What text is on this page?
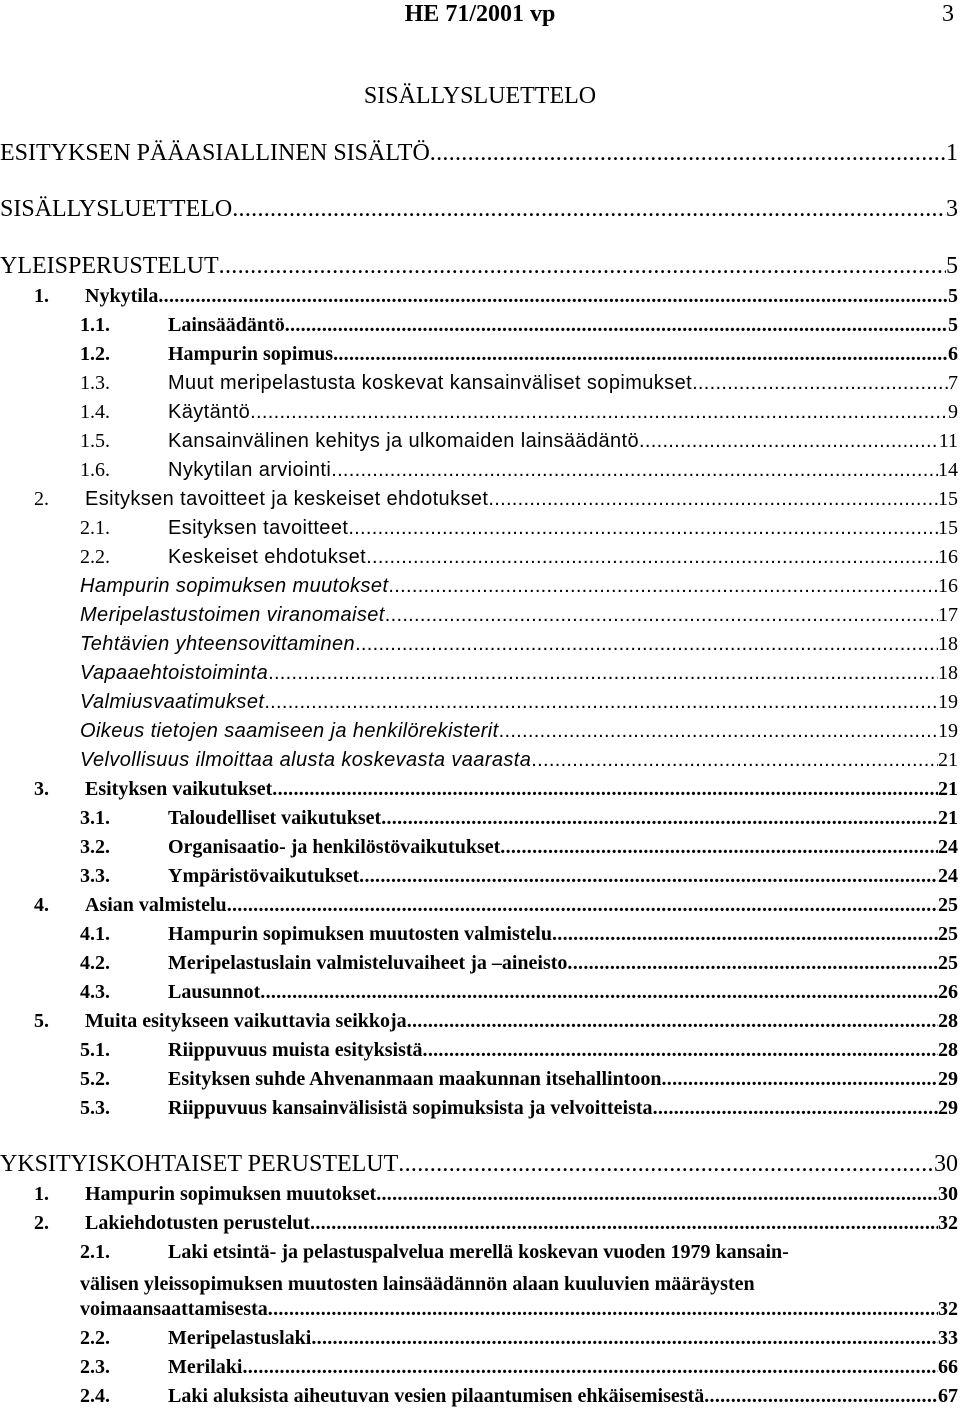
HE 71/2001 vp	3
SISÄLLYSLUETTELO
ESITYKSEN PÄÄASIALLINEN SISÄLTÖ .....	1
SISÄLLYSLUETTELO .....	3
YLEISPERUSTELUT .....	5
1.	Nykytila .....	5
1.1.	Lainsäädäntö .....	5
1.2.	Hampurin sopimus .....	6
1.3.	Muut meripelastusta koskevat kansainväliset sopimukset .....	7
1.4.	Käytäntö .....	9
1.5.	Kansainvälinen kehitys ja ulkomaiden lainsäädäntö .....	11
1.6.	Nykytilan arviointi .....	14
2.	Esityksen tavoitteet ja keskeiset ehdotukset .....	15
2.1.	Esityksen tavoitteet .....	15
2.2.	Keskeiset ehdotukset .....	16
Hampurin sopimuksen muutokset .....	16
Meripelastustoimen viranomaiset .....	17
Tehtävien yhteensovittaminen .....	18
Vapaaehtoistoiminta .....	18
Valmiusvaatimukset .....	19
Oikeus tietojen saamiseen ja henkilörekisterit .....	19
Velvollisuus ilmoittaa alusta koskevasta vaarasta .....	21
3.	Esityksen vaikutukset .....	21
3.1.	Taloudelliset vaikutukset .....	21
3.2.	Organisaatio- ja henkilöstövaikutukset .....	24
3.3.	Ympäristövaikutukset .....	24
4.	Asian valmistelu .....	25
4.1.	Hampurin sopimuksen muutosten valmistelu .....	25
4.2.	Meripelastuslain valmisteluvaiheet ja –aineisto .....	25
4.3.	Lausunnot .....	26
5.	Muita esitykseen vaikuttavia seikkoja .....	28
5.1.	Riippuvuus muista esityksistä .....	28
5.2.	Esityksen suhde Ahvenanmaan maakunnan itsehallintoon .....	29
5.3.	Riippuvuus kansainvälisistä sopimuksista ja velvoitteista .....	29
YKSITYISKOHTAISET PERUSTELUT .....	30
1.	Hampurin sopimuksen muutokset .....	30
2.	Lakiehdotusten perustelut .....	32
2.1.	Laki etsintä- ja pelastuspalvelua merellä koskevan vuoden 1979 kansain-
välisen yleissopimuksen muutosten lainsäädännön alaan kuuluvien määräysten
voimaansaattamisesta .....	32
2.2.	Meripelastuslaki .....	33
2.3.	Merilaki .....	66
2.4.	Laki aluksista aiheutuvan vesien pilaantumisen ehkäisemisestä .....	67
